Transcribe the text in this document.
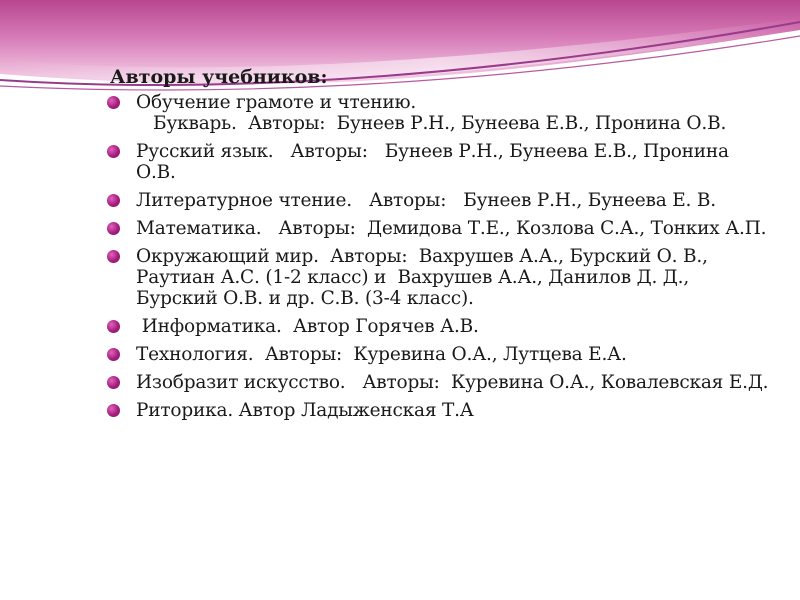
Авторы учебников:
Обучение грамоте и чтению.
Букварь.  Авторы:  Бунеев Р.Н., Бунеева Е.В., Пронина О.В.
Русский язык.   Авторы:   Бунеев Р.Н., Бунеева Е.В., Пронина О.В.
Литературное чтение.   Авторы:   Бунеев Р.Н., Бунеева Е. В.
Математика.   Авторы:  Демидова Т.Е., Козлова С.А., Тонких А.П.
Окружающий мир.  Авторы:  Вахрушев А.А., Бурский О. В., Раутиан А.С. (1-2 класс) и  Вахрушев А.А., Данилов Д. Д., Бурский О.В. и др. С.В. (3-4 класс).
Информатика.  Автор Горячев А.В.
Технология.  Авторы:  Куревина О.А., Лутцева Е.А.
Изобразит искусство.   Авторы:  Куревина О.А., Ковалевская Е.Д.
Риторика. Автор Ладыженская Т.А
